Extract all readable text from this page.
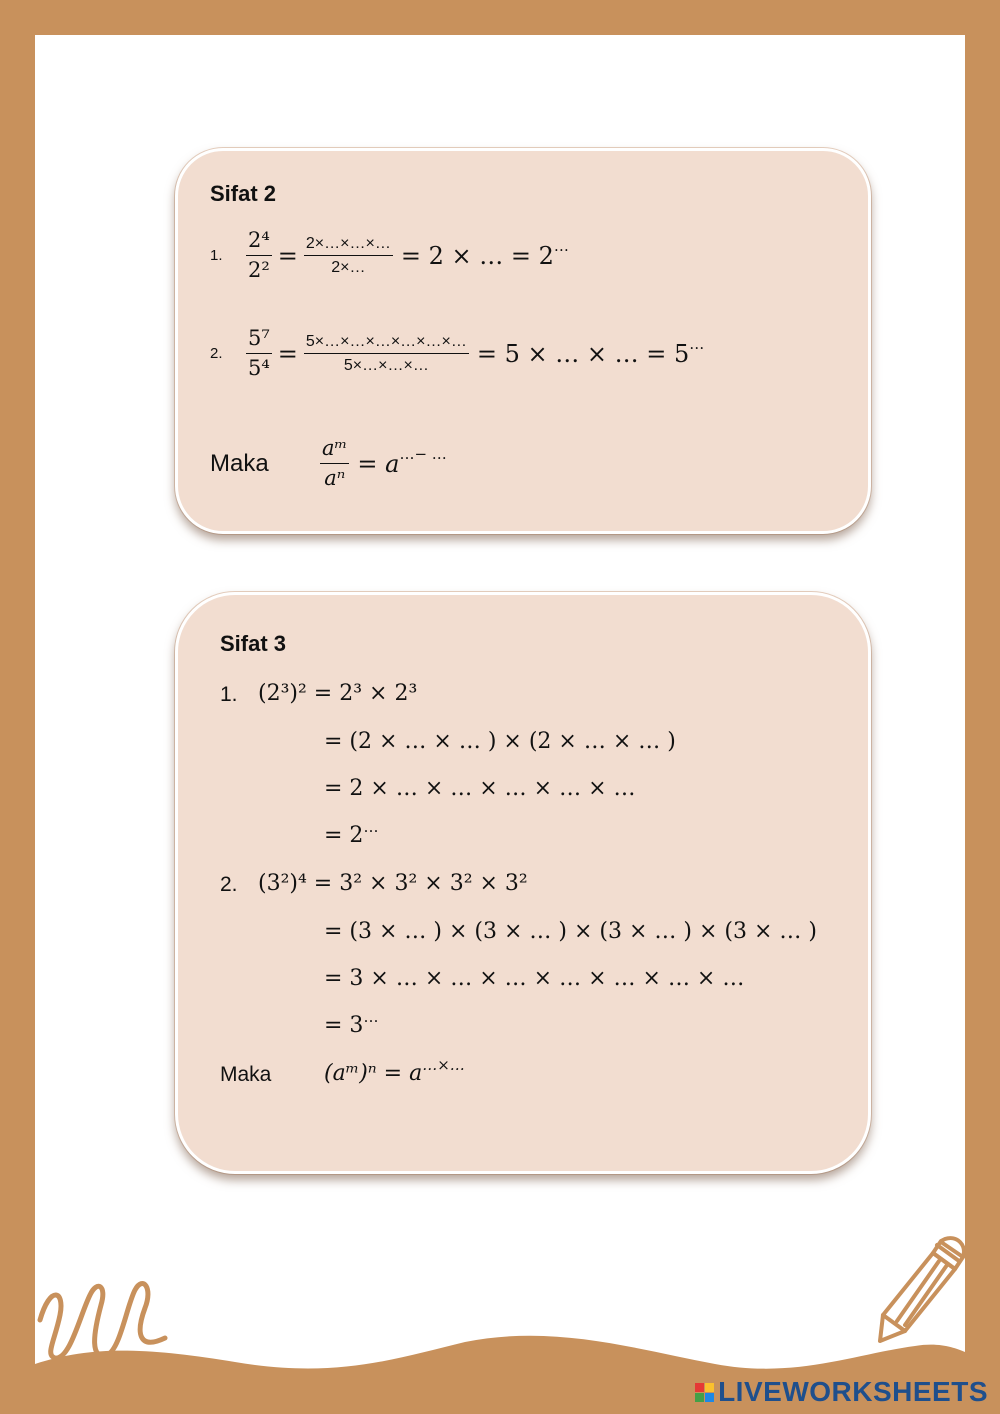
Sifat 2
1.	$\frac{\text{2⁴}}{\text{2²}} = \frac{2\times\dots\times\dots\times\dots}{2\times\dots} = 2$ × … = 2…
2.	$\frac{\text{5⁷}}{\text{5⁴}} = \frac{5\times\dots\times\dots\times\dots\times\dots\times\dots\times\dots}{5\times\dots\times\dots\times\dots} = 5$ × … × … = 5…
Maka	$\frac{\text{aᵐ}}{\text{aⁿ}} = a^{\dots- \dots}$
Sifat 3
1. (2³)² = 2³ × 2³
= (2 × … × … ) × (2 × … × … )
= 2 × … × … × … × … × …
= 2…
2. (3²)⁴ = 3² × 3² × 3² × 3²
= (3 × … ) × (3 × … ) × (3 × … ) × (3 × … )
= 3 × … × … × … × … × … × … × …
= 3…
Maka (aᵐ)ⁿ = a…×…
LIVEWORKSHEETS
